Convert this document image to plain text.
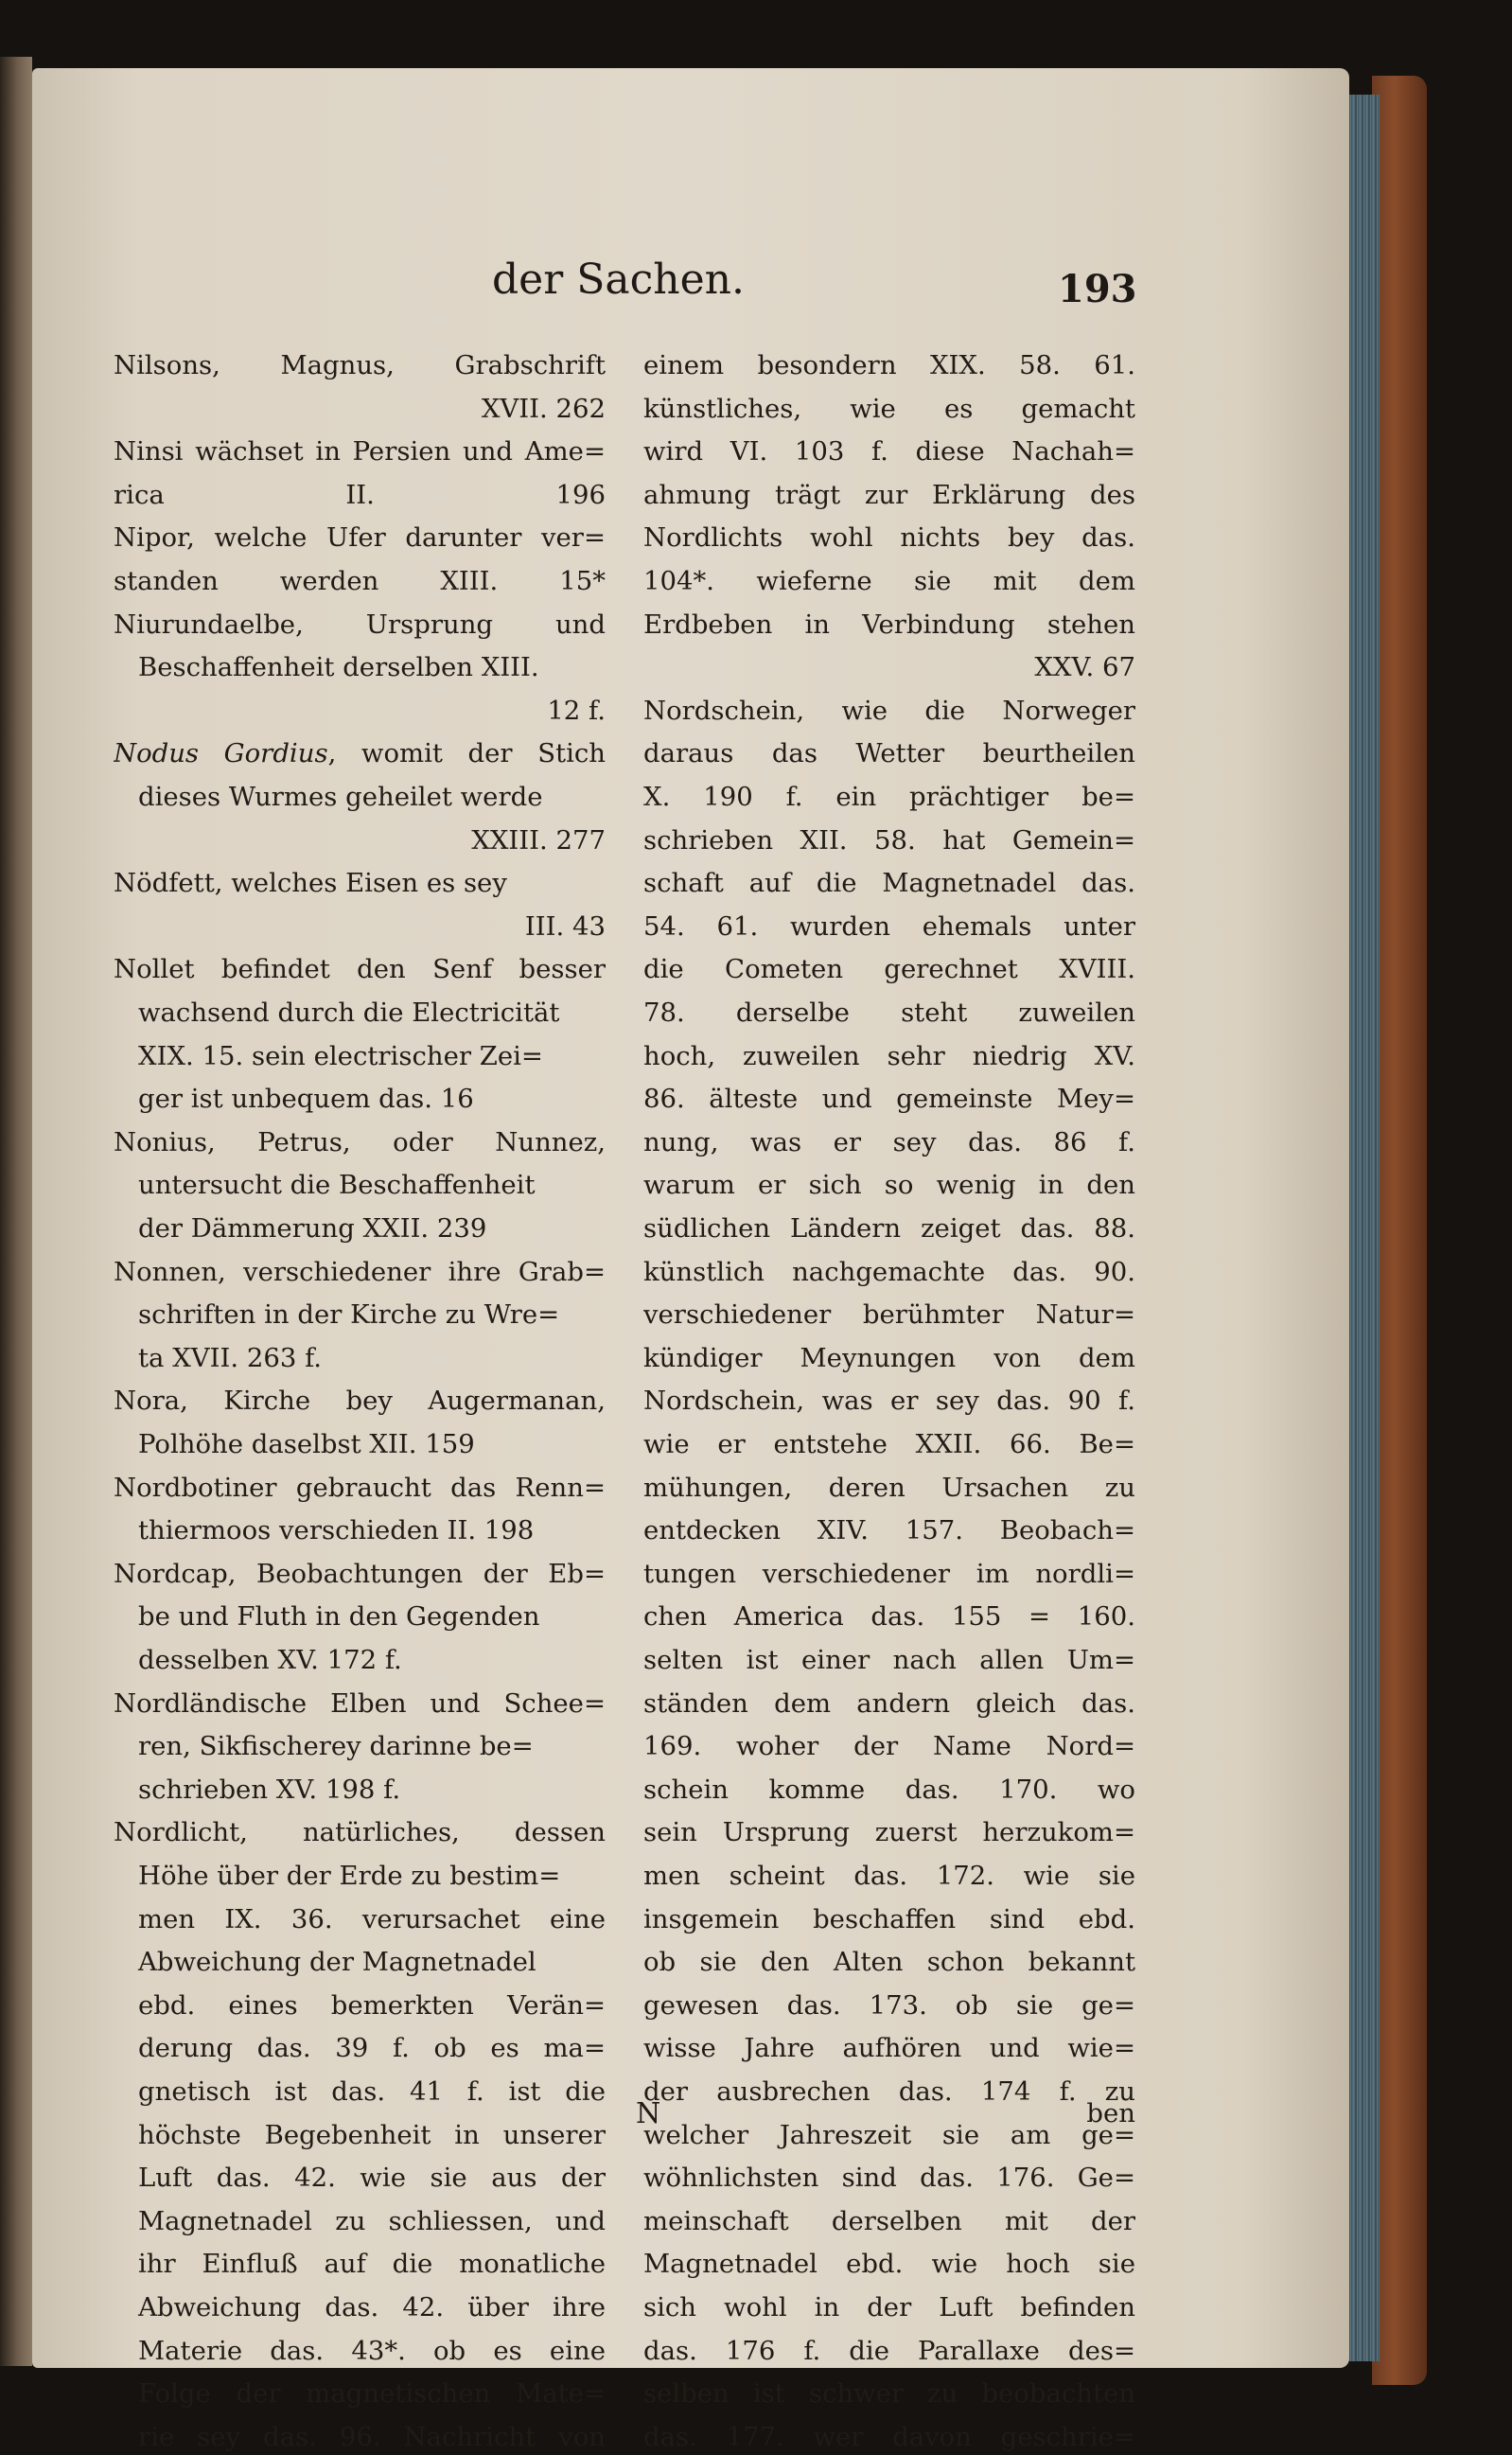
der Sachen.	193
Nilsons, Magnus, Grabschrift
XVII. 262
Ninsi wächset in Persien und Ame=
rica II. 196
Nipor, welche Ufer darunter ver=
standen werden XIII. 15*
Niurundaelbe, Ursprung und
Beschaffenheit derselben XIII.
12 f.
Nodus Gordius, womit der Stich
dieses Wurmes geheilet werde
XXIII. 277
Nödfett, welches Eisen es sey
III. 43
Nollet befindet den Senf besser
wachsend durch die Electricität
XIX. 15. sein electrischer Zei=
ger ist unbequem das. 16
Nonius, Petrus, oder Nunnez,
untersucht die Beschaffenheit
der Dämmerung XXII. 239
Nonnen, verschiedener ihre Grab=
schriften in der Kirche zu Wre=
ta XVII. 263 f.
Nora, Kirche bey Augermanan,
Polhöhe daselbst XII. 159
Nordbotiner gebraucht das Renn=
thiermoos verschieden II. 198
Nordcap, Beobachtungen der Eb=
be und Fluth in den Gegenden
desselben XV. 172 f.
Nordländische Elben und Schee=
ren, Sikfischerey darinne be=
schrieben XV. 198 f.
Nordlicht, natürliches, dessen
Höhe über der Erde zu bestim=
men IX. 36. verursachet eine
Abweichung der Magnetnadel
ebd. eines bemerkten Verän=
derung das. 39 f. ob es ma=
gnetisch ist das. 41 f. ist die
höchste Begebenheit in unserer
Luft das. 42. wie sie aus der
Magnetnadel zu schliessen, und
ihr Einfluß auf die monatliche
Abweichung das. 42. über ihre
Materie das. 43*. ob es eine
Folge der magnetischen Mate=
rie sey das. 96. Nachricht von
einem besondern XIX. 58. 61.
künstliches, wie es gemacht
wird VI. 103 f. diese Nachah=
ahmung trägt zur Erklärung des
Nordlichts wohl nichts bey das.
104*. wieferne sie mit dem
Erdbeben in Verbindung stehen
XXV. 67
Nordschein, wie die Norweger
daraus das Wetter beurtheilen
X. 190 f. ein prächtiger be=
schrieben XII. 58. hat Gemein=
schaft auf die Magnetnadel das.
54. 61. wurden ehemals unter
die Cometen gerechnet XVIII.
78. derselbe steht zuweilen
hoch, zuweilen sehr niedrig XV.
86. älteste und gemeinste Mey=
nung, was er sey das. 86 f.
warum er sich so wenig in den
südlichen Ländern zeiget das. 88.
künstlich nachgemachte das. 90.
verschiedener berühmter Natur=
kündiger Meynungen von dem
Nordschein, was er sey das. 90 f.
wie er entstehe XXII. 66. Be=
mühungen, deren Ursachen zu
entdecken XIV. 157. Beobach=
tungen verschiedener im nordli=
chen America das. 155 = 160.
selten ist einer nach allen Um=
ständen dem andern gleich das.
169. woher der Name Nord=
schein komme das. 170. wo
sein Ursprung zuerst herzukom=
men scheint das. 172. wie sie
insgemein beschaffen sind ebd.
ob sie den Alten schon bekannt
gewesen das. 173. ob sie ge=
wisse Jahre aufhören und wie=
der ausbrechen das. 174 f. zu
welcher Jahreszeit sie am ge=
wöhnlichsten sind das. 176. Ge=
meinschaft derselben mit der
Magnetnadel ebd. wie hoch sie
sich wohl in der Luft befinden
das. 176 f. die Parallaxe des=
selben ist schwer zu beobachten
das. 177. wer davon geschrie=
N	ben
